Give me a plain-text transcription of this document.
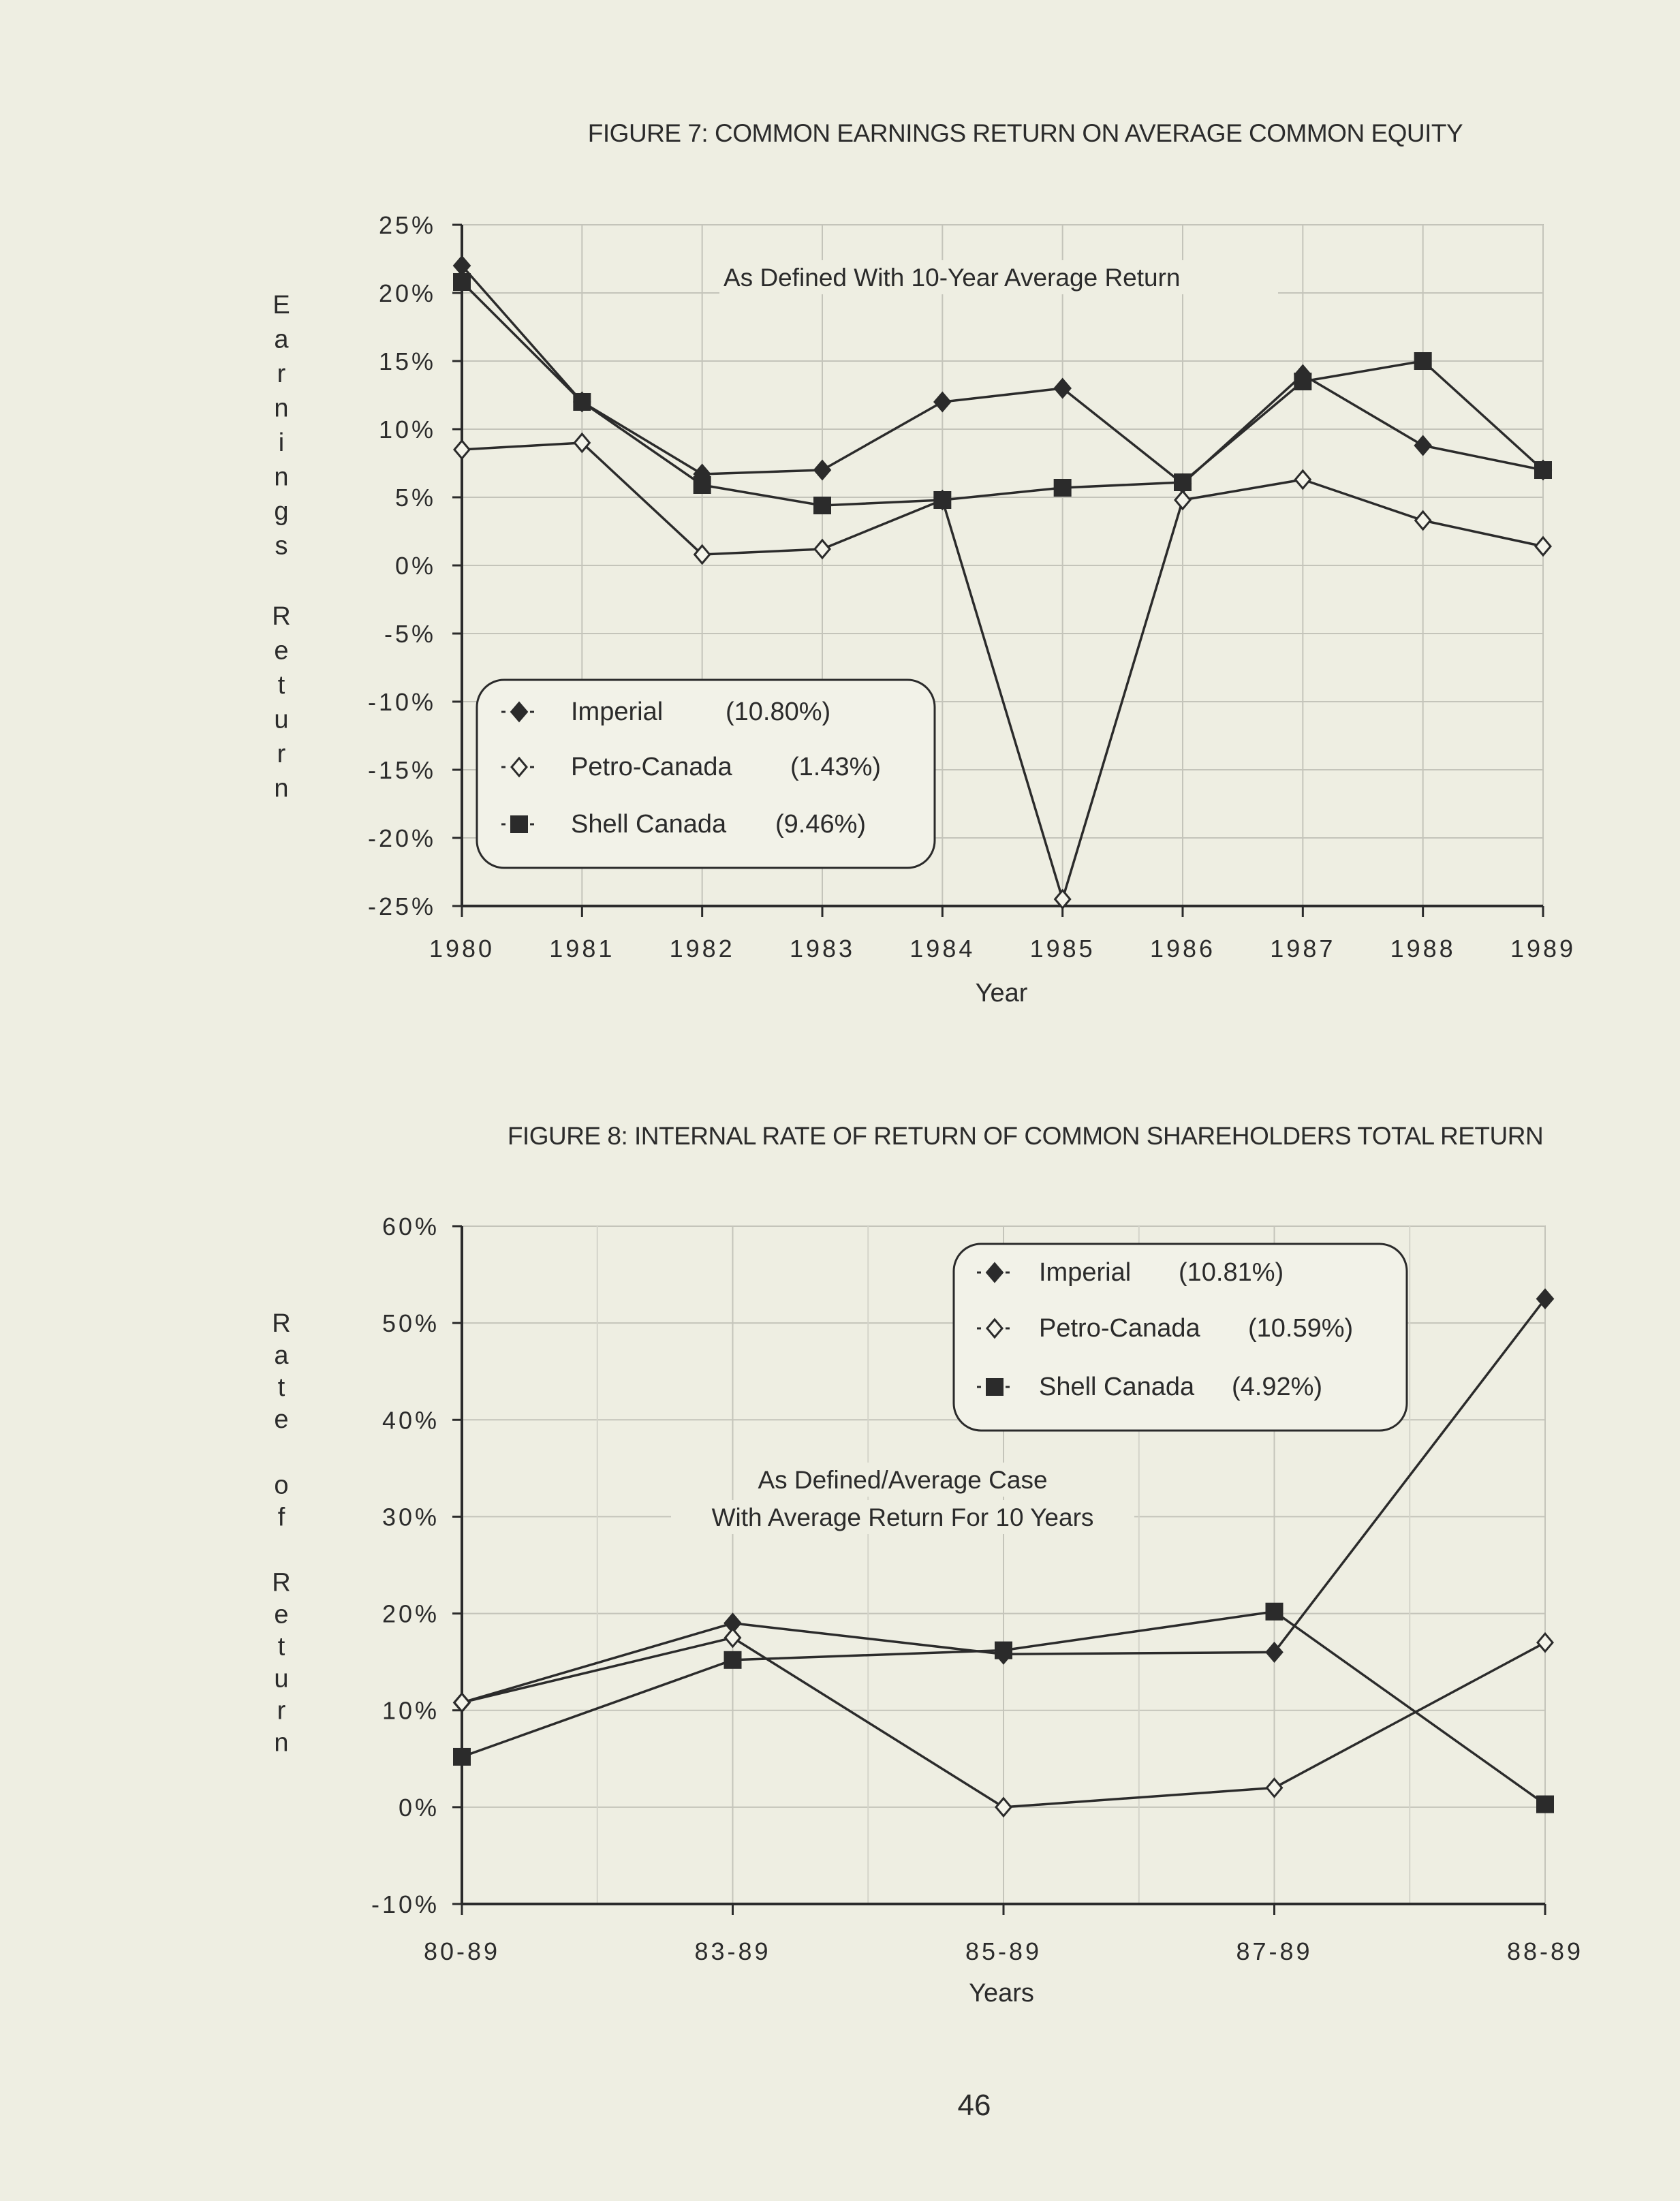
FIGURE 7: COMMON EARNINGS RETURN ON AVERAGE COMMON EQUITY
25%
20%
15%
10%
5%
0%
-5%
-10%
-15%
-20%
-25%
1980 1981 1982 1983 1984 1985 1986 1987 1988 1989
Year
E
a
r
n
i
n
g
s
R
e
t
u
r
n
As Defined With 10-Year Average Return
Imperial (10.80%)
Petro-Canada (1.43%)
Shell Canada (9.46%)
FIGURE 8: INTERNAL RATE OF RETURN OF COMMON SHAREHOLDERS TOTAL RETURN
60%
50%
40%
30%
20%
10%
0%
-10%
80-89	83-89	85-89	87-89	88-89
Years
R
a
t
e
o
f
R
e
t
u
r
n
As Defined/Average Case
With Average Return For 10 Years
Imperial (10.81%)
Petro-Canada (10.59%)
Shell Canada (4.92%)
46
